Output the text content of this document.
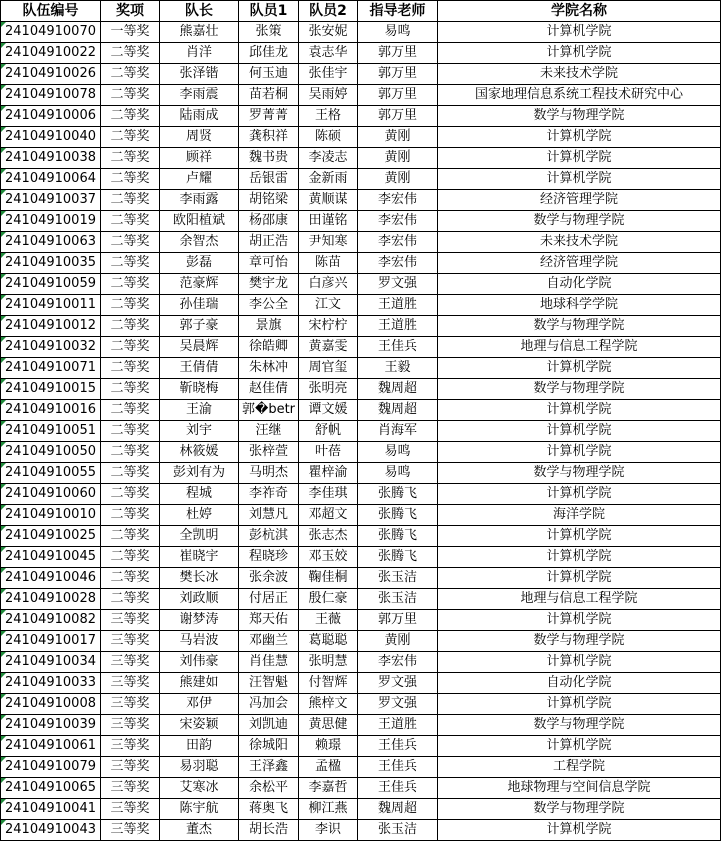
队伍编号	奖项	队长	队员1	队员2	指导老师	学院名称
24104910070	一等奖	熊嘉壮	张策	张安妮	易鸣	计算机学院
24104910022	二等奖	肖洋	邱佳龙	袁志华	郭万里	计算机学院
24104910026	二等奖	张泽锴	何玉迪	张佳宇	郭万里	未来技术学院
24104910078	二等奖	李雨震	苗若桐	吴雨婷	郭万里	国家地理信息系统工程技术研究中心
24104910006	二等奖	陆雨成	罗菁菁	王格	郭万里	数学与物理学院
24104910040	二等奖	周贤	龚积祥	陈硕	黄刚	计算机学院
24104910038	二等奖	顾祥	魏书贵	李凌志	黄刚	计算机学院
24104910064	二等奖	卢耀	岳银雷	金新雨	黄刚	计算机学院
24104910037	二等奖	李雨露	胡铭梁	黄顺谋	李宏伟	经济管理学院
24104910019	二等奖	欧阳植斌	杨邵康	田谨铭	李宏伟	数学与物理学院
24104910063	二等奖	余智杰	胡正浩	尹知寒	李宏伟	未来技术学院
24104910035	二等奖	彭磊	章可怡	陈苗	李宏伟	经济管理学院
24104910059	二等奖	范豪辉	樊宇龙	白彦兴	罗文强	自动化学院
24104910011	二等奖	孙佳瑞	李公全	江文	王道胜	地球科学学院
24104910012	二等奖	郭子豪	景旗	宋柠柠	王道胜	数学与物理学院
24104910032	二等奖	吴晨辉	徐皓卿	黄嘉雯	王佳兵	地理与信息工程学院
24104910071	二等奖	王倩倩	朱林冲	周官玺	王毅	计算机学院
24104910015	二等奖	靳晓梅	赵佳倩	张明亮	魏周超	数学与物理学院
24104910016	二等奖	王渝	郭�betr	谭文媛	魏周超	计算机学院
24104910051	二等奖	刘宇	汪继	舒帆	肖海军	计算机学院
24104910050	二等奖	林筱媛	张梓萱	叶蓓	易鸣	计算机学院
24104910055	二等奖	彭刘有为	马明杰	瞿梓渝	易鸣	数学与物理学院
24104910060	二等奖	程城	李祚奇	李佳琪	张腾飞	计算机学院
24104910010	二等奖	杜婷	刘慧凡	邓超文	张腾飞	海洋学院
24104910025	二等奖	全凯明	彭杭淇	张志杰	张腾飞	计算机学院
24104910045	二等奖	崔晓宇	程晓珍	邓玉姣	张腾飞	计算机学院
24104910046	二等奖	樊长冰	张余波	鞠佳桐	张玉洁	计算机学院
24104910028	二等奖	刘政顺	付居正	殷仁豪	张玉洁	地理与信息工程学院
24104910082	三等奖	谢梦涛	郑天佑	王薇	郭万里	计算机学院
24104910017	三等奖	马岩波	邓幽兰	葛聪聪	黄刚	数学与物理学院
24104910034	三等奖	刘伟豪	肖佳慧	张明慧	李宏伟	计算机学院
24104910033	三等奖	熊建如	汪智魁	付智辉	罗文强	自动化学院
24104910008	三等奖	邓伊	冯加会	熊梓文	罗文强	计算机学院
24104910039	三等奖	宋姿颖	刘凯迪	黄思健	王道胜	数学与物理学院
24104910061	三等奖	田韵	徐城阳	赖璟	王佳兵	计算机学院
24104910079	三等奖	易羽聪	王泽鑫	孟楹	王佳兵	工程学院
24104910065	三等奖	艾寒冰	余松平	李嘉哲	王佳兵	地球物理与空间信息学院
24104910041	三等奖	陈宇航	蒋奥飞	柳江燕	魏周超	数学与物理学院
24104910043	三等奖	董杰	胡长浩	李识	张玉洁	计算机学院
